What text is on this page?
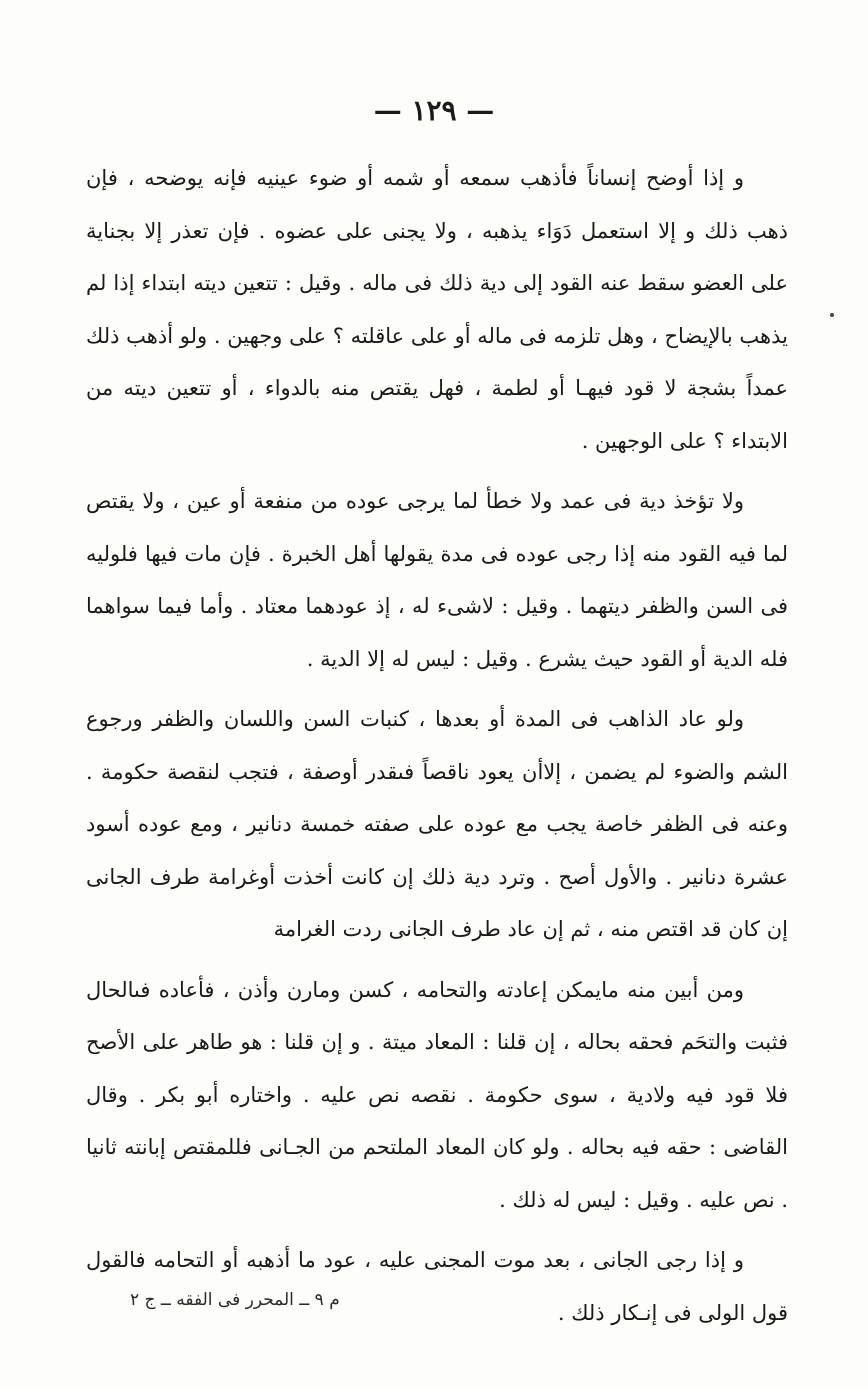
— ١٢٩ —

و إذا أوضح إنساناً فأذهب سمعه أو شمه أو ضوء عينيه فإنه يوضحه ، فإن ذهب ذلك و إلا استعمل دَوَاء يذهبه ، ولا يجنى على عضوه . فإن تعذر إلا بجناية على العضو سقط عنه القود إلى دية ذلك فى ماله . وقيل : تتعين ديته ابتداء إذا لم يذهب بالإيضاح ، وهل تلزمه فى ماله أو على عاقلته ؟ على وجهين . ولو أذهب ذلك عمداً بشجة لا قود فيهـا أو لطمة ، فهل يقتص منه بالدواء ، أو تتعين ديته من الابتداء ؟ على الوجهين .

ولا تؤخذ دية فى عمد ولا خطأ لما يرجى عوده من منفعة أو عين ، ولا يقتص لما فيه القود منه إذا رجى عوده فى مدة يقولها أهل الخبرة . فإن مات فيها فلوليه فى السن والظفر ديتهما . وقيل : لاشىء له ، إذ عودهما معتاد . وأما فيما سواهما فله الدية أو القود حيث يشرع . وقيل : ليس له إلا الدية .

ولو عاد الذاهب فى المدة أو بعدها ، كنبات السن واللسان والظفر ورجوع الشم والضوء لم يضمن ، إلاأن يعود ناقصاً فىقدر أوصفة ، فتجب لنقصة حكومة . وعنه فى الظفر خاصة يجب مع عوده على صفته خمسة دنانير ، ومع عوده أسود عشرة دنانير . والأول أصح . وترد دية ذلك إن كانت أخذت أوغرامة طرف الجانى إن كان قد اقتص منه ، ثم إن عاد طرف الجانى ردت الغرامة

ومن أبين منه مايمكن إعادته والتحامه ، كسن ومارن وأذن ، فأعاده فىالحال فثبت والتحَم فحقه بحاله ، إن قلنا : المعاد ميتة . و إن قلنا : هو طاهر على الأصح فلا قود فيه ولادية ، سوى حكومة . نقصه نص عليه . واختاره أبو بكر . وقال القاضى : حقه فيه بحاله . ولو كان المعاد الملتحم من الجـانى فللمقتص إبانته ثانيا . نص عليه . وقيل : ليس له ذلك .

و إذا رجى الجانى ، بعد موت المجنى عليه ، عود ما أذهبه أو التحامه فالقول قول الولى فى إنـكار ذلك .

م ٩ ــ المحرر فى الفقه ــ ج ٢
